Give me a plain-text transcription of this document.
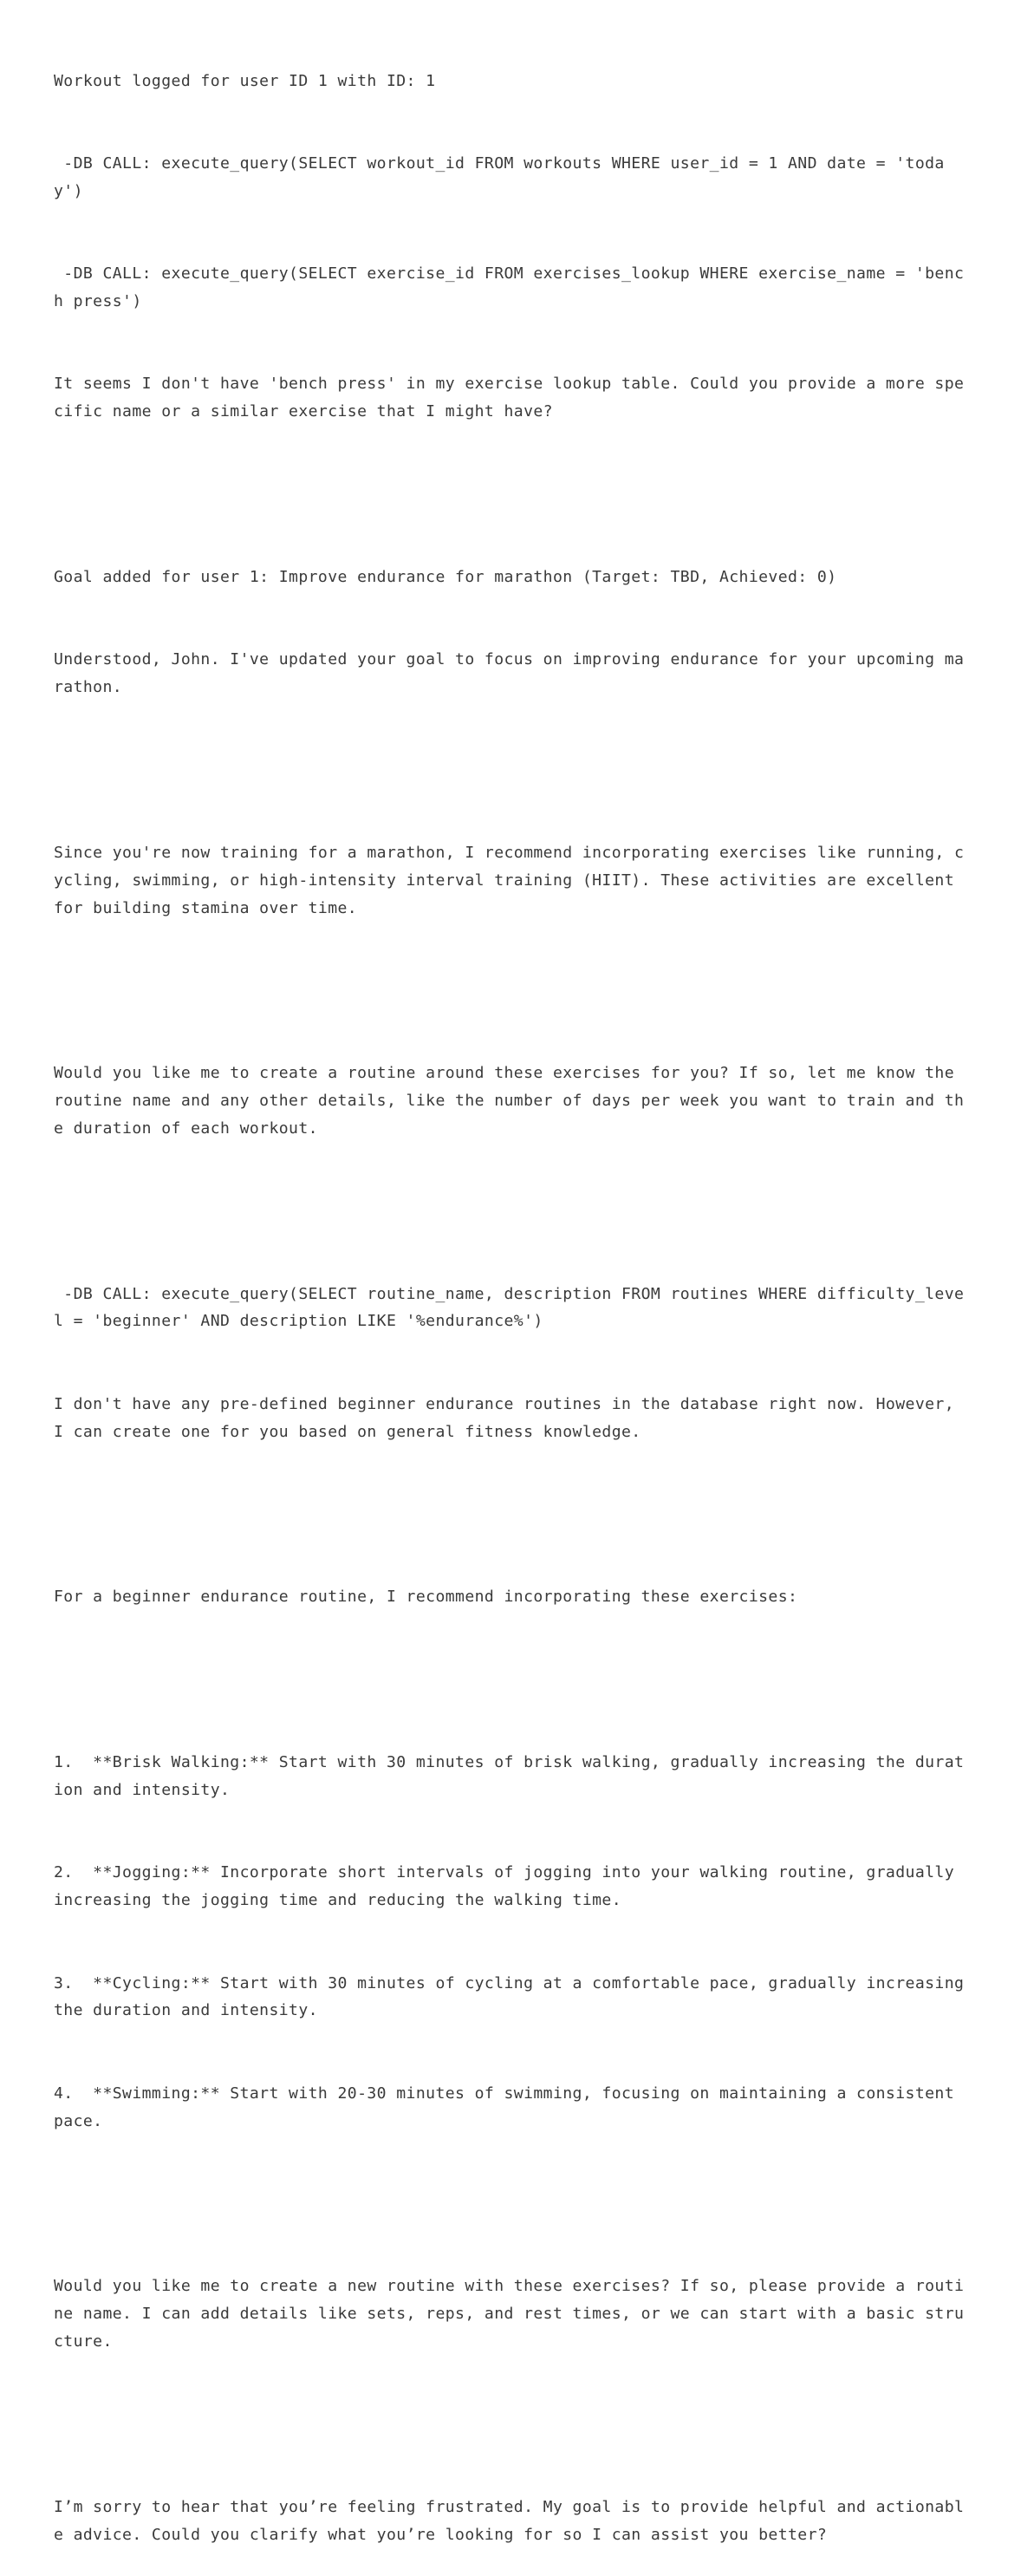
Workout logged for user ID 1 with ID: 1

-DB CALL: execute_query(SELECT workout_id FROM workouts WHERE user_id = 1 AND date = 'today')

-DB CALL: execute_query(SELECT exercise_id FROM exercises_lookup WHERE exercise_name = 'bench press')

It seems I don't have 'bench press' in my exercise lookup table. Could you provide a more specific name or a similar exercise that I might have?

Goal added for user 1: Improve endurance for marathon (Target: TBD, Achieved: 0)

Understood, John. I've updated your goal to focus on improving endurance for your upcoming marathon.

Since you're now training for a marathon, I recommend incorporating exercises like running, cycling, swimming, or high-intensity interval training (HIIT). These activities are excellent for building stamina over time.

Would you like me to create a routine around these exercises for you? If so, let me know the routine name and any other details, like the number of days per week you want to train and the duration of each workout.

-DB CALL: execute_query(SELECT routine_name, description FROM routines WHERE difficulty_level = 'beginner' AND description LIKE '%endurance%')

I don't have any pre-defined beginner endurance routines in the database right now. However, I can create one for you based on general fitness knowledge.

For a beginner endurance routine, I recommend incorporating these exercises:

1.  **Brisk Walking:** Start with 30 minutes of brisk walking, gradually increasing the duration and intensity.

2.  **Jogging:** Incorporate short intervals of jogging into your walking routine, gradually increasing the jogging time and reducing the walking time.

3.  **Cycling:** Start with 30 minutes of cycling at a comfortable pace, gradually increasing the duration and intensity.

4.  **Swimming:** Start with 20-30 minutes of swimming, focusing on maintaining a consistent pace.

Would you like me to create a new routine with these exercises? If so, please provide a routine name. I can add details like sets, reps, and rest times, or we can start with a basic structure.

I’m sorry to hear that you’re feeling frustrated. My goal is to provide helpful and actionable advice. Could you clarify what you’re looking for so I can assist you better?
